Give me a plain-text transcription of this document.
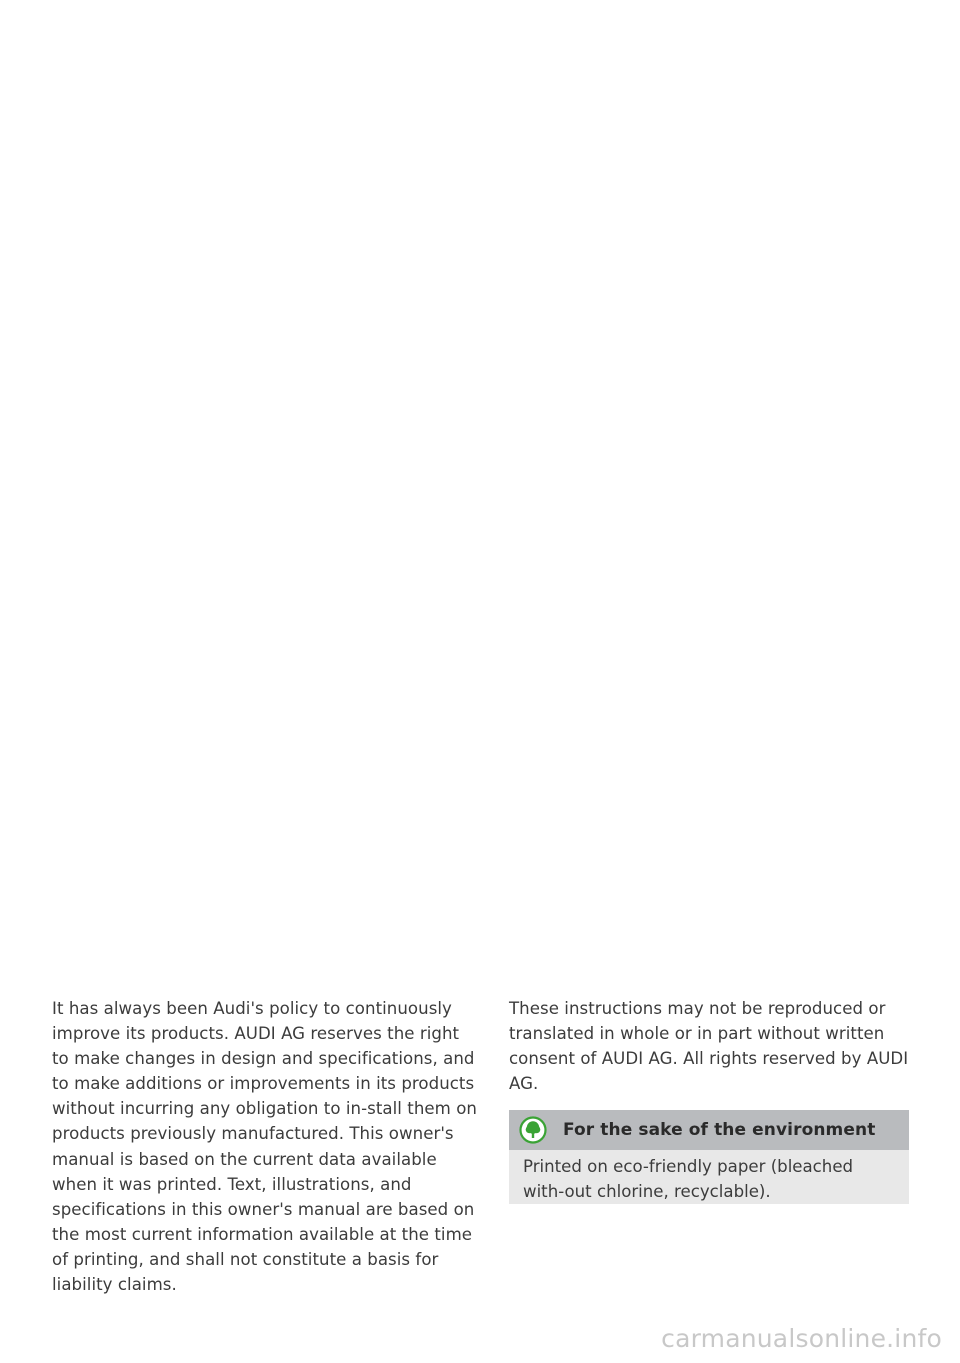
It has always been Audi's policy to continuously improve its products. AUDI AG reserves the right to make changes in design and specifications, and to make additions or improvements in its products without incurring any obligation to in-stall them on products previously manufactured. This owner's manual is based on the current data available when it was printed. Text, illustrations, and specifications in this owner's manual are based on the most current information available at the time of printing, and shall not constitute a basis for liability claims.

These instructions may not be reproduced or translated in whole or in part without written consent of AUDI AG. All rights reserved by AUDI AG.

For the sake of the environment
Printed on eco-friendly paper (bleached with-out chlorine, recyclable).
carmanualsonline.info
